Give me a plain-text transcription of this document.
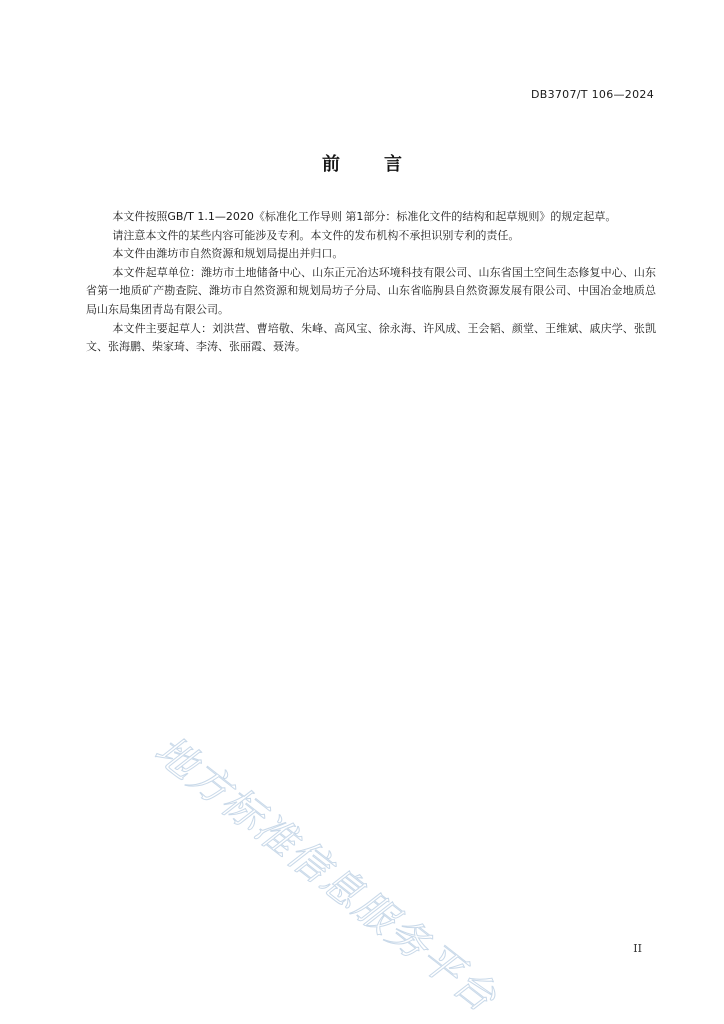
DB3707/T 106—2024
前言

本文件按照GB/T 1.1—2020《标准化工作导则 第1部分：标准化文件的结构和起草规则》的规定起草。

请注意本文件的某些内容可能涉及专利。本文件的发布机构不承担识别专利的责任。

本文件由潍坊市自然资源和规划局提出并归口。

本文件起草单位：潍坊市土地储备中心、山东正元冶达环境科技有限公司、山东省国土空间生态修复中心、山东省第一地质矿产勘查院、潍坊市自然资源和规划局坊子分局、山东省临朐县自然资源发展有限公司、中国冶金地质总局山东局集团青岛有限公司。

本文件主要起草人：刘洪营、曹培敬、朱峰、高风宝、徐永海、许风成、王会韬、颜堂、王维斌、戚庆学、张凯文、张海鹏、柴家琦、李涛、张丽霞、聂涛。

地方标准信息服务平台	II
